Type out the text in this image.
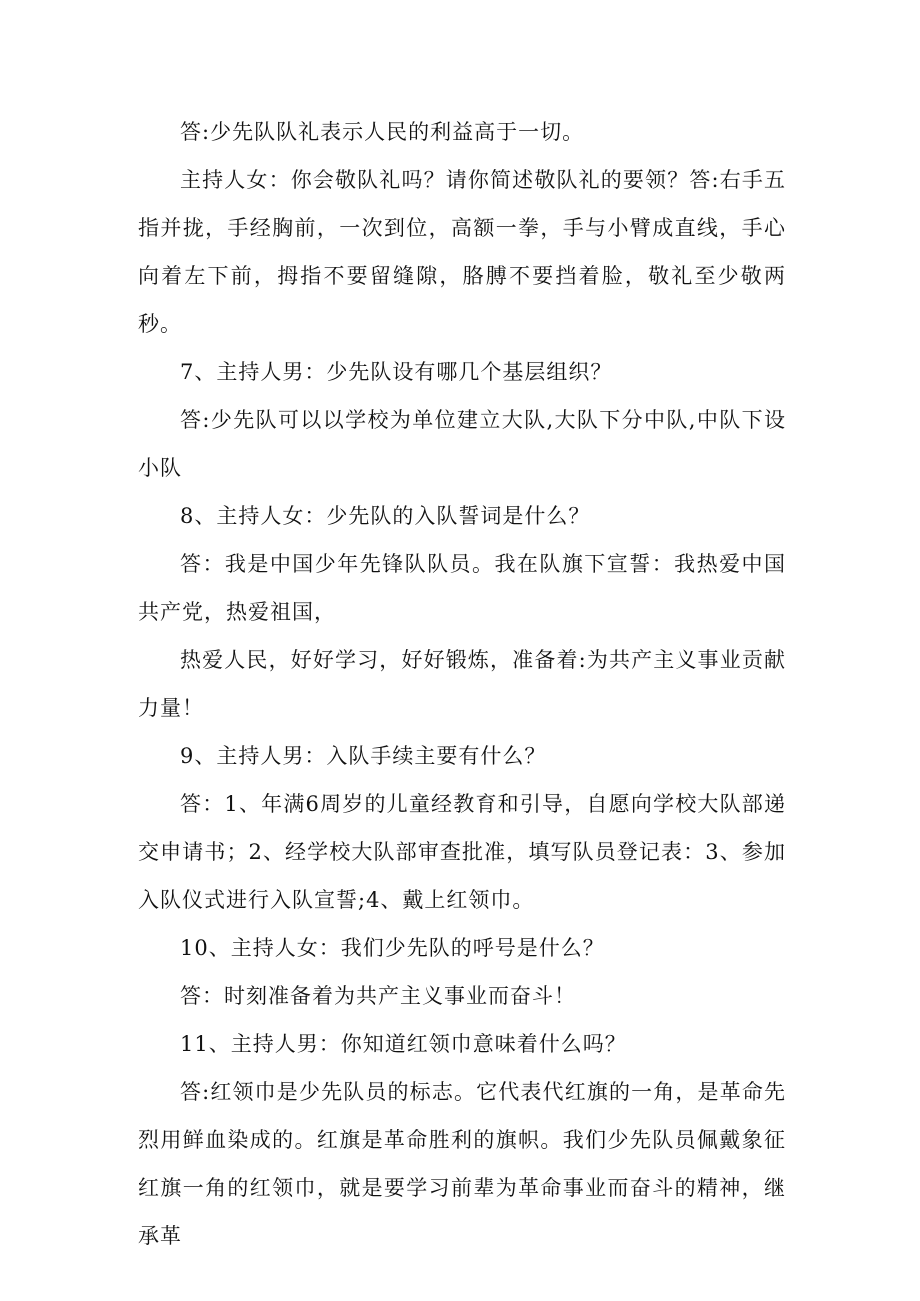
答:少先队队礼表示人民的利益高于一切。

主持人女：你会敬队礼吗？请你简述敬队礼的要领？答:右手五指并拢，手经胸前，一次到位，高额一拳，手与小臂成直线，手心向着左下前，拇指不要留缝隙，胳膊不要挡着脸，敬礼至少敬两秒。

7、主持人男：少先队设有哪几个基层组织？

答:少先队可以以学校为单位建立大队,大队下分中队,中队下设小队

8、主持人女：少先队的入队誓词是什么？

答：我是中国少年先锋队队员。我在队旗下宣誓：我热爱中国共产党，热爱祖国，

热爱人民，好好学习，好好锻炼，准备着:为共产主义事业贡献力量！

9、主持人男：入队手续主要有什么？

答：1、年满6周岁的儿童经教育和引导，自愿向学校大队部递交申请书；2、经学校大队部审查批准，填写队员登记表：3、参加入队仪式进行入队宣誓;4、戴上红领巾。

10、主持人女：我们少先队的呼号是什么？

答：时刻准备着为共产主义事业而奋斗！

11、主持人男：你知道红领巾意味着什么吗？

答:红领巾是少先队员的标志。它代表代红旗的一角，是革命先烈用鲜血染成的。红旗是革命胜利的旗帜。我们少先队员佩戴象征红旗一角的红领巾，就是要学习前辈为革命事业而奋斗的精神，继承革
